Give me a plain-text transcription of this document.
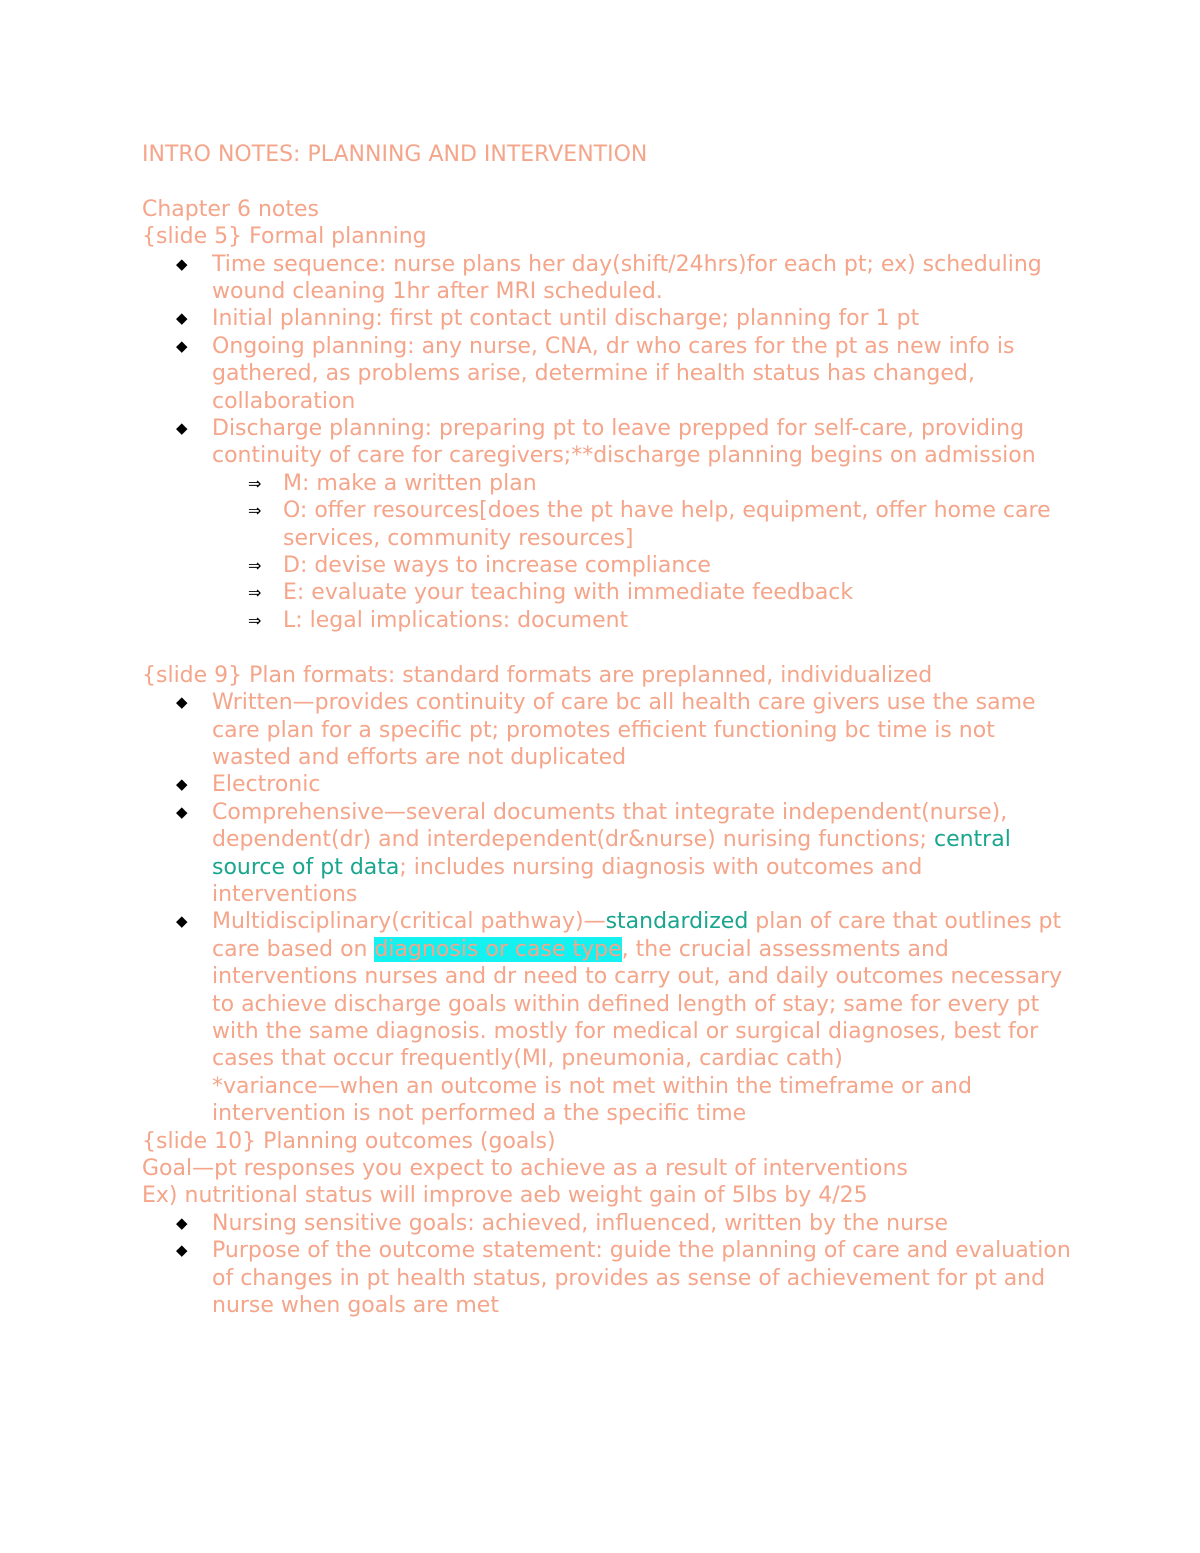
INTRO NOTES: PLANNING AND INTERVENTION
Chapter 6 notes
{slide 5} Formal planning
◆ Time sequence: nurse plans her day(shift/24hrs)for each pt; ex) scheduling wound cleaning 1hr after MRI scheduled.
◆ Initial planning: first pt contact until discharge; planning for 1 pt
◆ Ongoing planning: any nurse, CNA, dr who cares for the pt as new info is gathered, as problems arise, determine if health status has changed, collaboration
◆ Discharge planning: preparing pt to leave prepped for self-care, providing continuity of care for caregivers;**discharge planning begins on admission
⇒ M: make a written plan
⇒ O: offer resources[does the pt have help, equipment, offer home care services, community resources]
⇒ D: devise ways to increase compliance
⇒ E: evaluate your teaching with immediate feedback
⇒ L: legal implications: document
{slide 9} Plan formats: standard formats are preplanned, individualized
◆ Written—provides continuity of care bc all health care givers use the same care plan for a specific pt; promotes efficient functioning bc time is not wasted and efforts are not duplicated
◆ Electronic
◆ Comprehensive—several documents that integrate independent(nurse), dependent(dr) and interdependent(dr&nurse) nurising functions; central source of pt data; includes nursing diagnosis with outcomes and interventions
◆ Multidisciplinary(critical pathway)—standardized plan of care that outlines pt care based on diagnosis or case type, the crucial assessments and interventions nurses and dr need to carry out, and daily outcomes necessary to achieve discharge goals within defined length of stay; same for every pt with the same diagnosis. mostly for medical or surgical diagnoses, best for cases that occur frequently(MI, pneumonia, cardiac cath)
*variance—when an outcome is not met within the timeframe or and intervention is not performed a the specific time
{slide 10} Planning outcomes (goals)
Goal—pt responses you expect to achieve as a result of interventions
Ex) nutritional status will improve aeb weight gain of 5lbs by 4/25
◆ Nursing sensitive goals: achieved, influenced, written by the nurse
◆ Purpose of the outcome statement: guide the planning of care and evaluation of changes in pt health status, provides as sense of achievement for pt and nurse when goals are met
